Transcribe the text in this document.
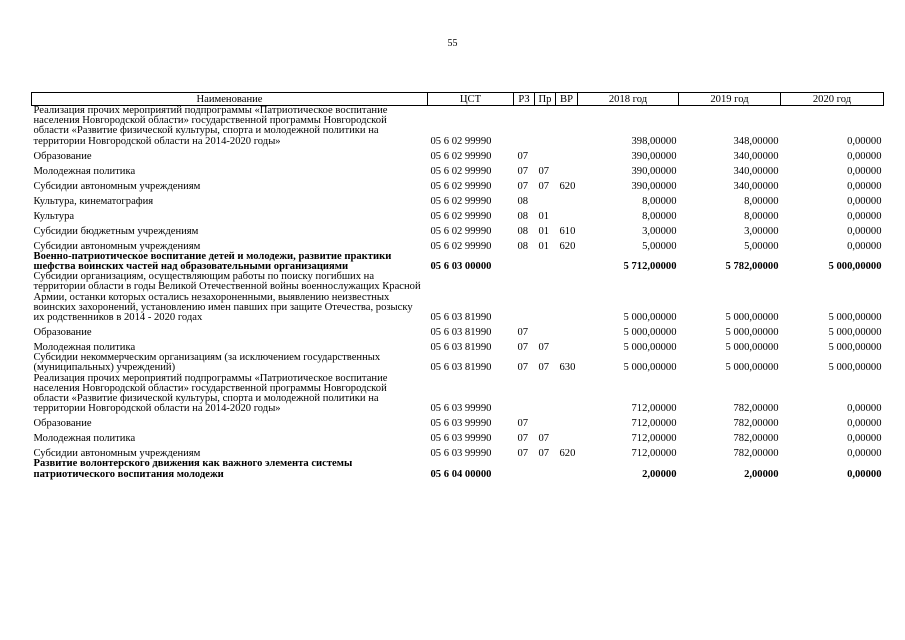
55
Наименование	ЦСТ	РЗ	Пр	ВР	2018 год	2019 год	2020 год
Реализация прочих мероприятий подпрограммы «Патриотическое воспитание населения Новгородской области» государственной программы Новгородской области «Развитие физической культуры, спорта и молодежной политики на территории Новгородской области на 2014-2020 годы»	05 6 02 99990				398,00000	348,00000	0,00000
Образование	05 6 02 99990	07			390,00000	340,00000	0,00000
Молодежная политика	05 6 02 99990	07	07		390,00000	340,00000	0,00000
Субсидии автономным учреждениям	05 6 02 99990	07	07	620	390,00000	340,00000	0,00000
Культура, кинематография	05 6 02 99990	08			8,00000	8,00000	0,00000
Культура	05 6 02 99990	08	01		8,00000	8,00000	0,00000
Субсидии бюджетным учреждениям	05 6 02 99990	08	01	610	3,00000	3,00000	0,00000
Субсидии автономным учреждениям	05 6 02 99990	08	01	620	5,00000	5,00000	0,00000
Военно-патриотическое воспитание детей и молодежи, развитие практики шефства воинских частей над образовательными организациями	05 6 03 00000				5 712,00000	5 782,00000	5 000,00000
Субсидии организациям, осуществляющим работы по поиску погибших на территории области в годы Великой Отечественной войны военнослужащих Красной Армии, останки которых остались незахороненными, выявлению неизвестных воинских захоронений, установлению имен павших при защите Отечества, розыску их родственников в 2014 - 2020 годах	05 6 03 81990				5 000,00000	5 000,00000	5 000,00000
Образование	05 6 03 81990	07			5 000,00000	5 000,00000	5 000,00000
Молодежная политика	05 6 03 81990	07	07		5 000,00000	5 000,00000	5 000,00000
Субсидии некоммерческим организациям (за исключением государственных (муниципальных) учреждений)	05 6 03 81990	07	07	630	5 000,00000	5 000,00000	5 000,00000
Реализация прочих мероприятий подпрограммы «Патриотическое воспитание населения Новгородской области» государственной программы Новгородской области «Развитие физической культуры, спорта и молодежной политики на территории Новгородской области на 2014-2020 годы»	05 6 03 99990				712,00000	782,00000	0,00000
Образование	05 6 03 99990	07			712,00000	782,00000	0,00000
Молодежная политика	05 6 03 99990	07	07		712,00000	782,00000	0,00000
Субсидии автономным учреждениям	05 6 03 99990	07	07	620	712,00000	782,00000	0,00000
Развитие волонтерского движения как важного элемента системы патриотического воспитания молодежи	05 6 04 00000				2,00000	2,00000	0,00000
